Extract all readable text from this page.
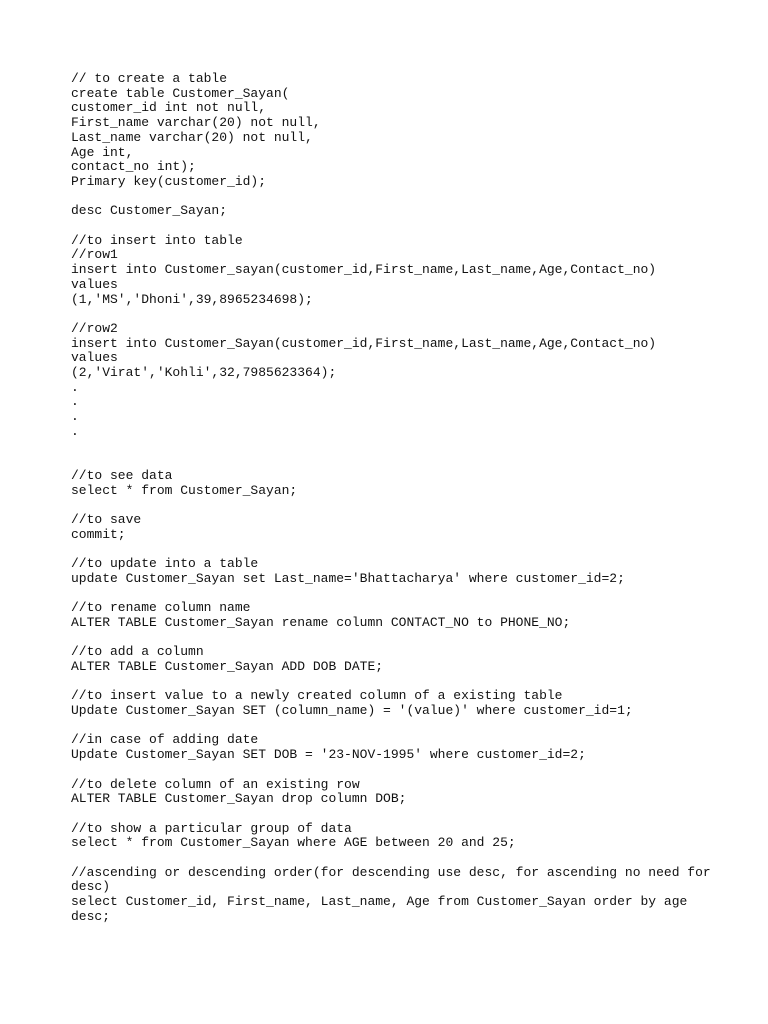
// to create a table
create table Customer_Sayan(
customer_id int not null,
First_name varchar(20) not null,
Last_name varchar(20) not null,
Age int,
contact_no int);
Primary key(customer_id);
desc Customer_Sayan;
//to insert into table
//row1
insert into Customer_sayan(customer_id,First_name,Last_name,Age,Contact_no)
values
(1,'MS','Dhoni',39,8965234698);
//row2
insert into Customer_Sayan(customer_id,First_name,Last_name,Age,Contact_no)
values
(2,'Virat','Kohli',32,7985623364);
.
.
.
.
//to see data
select * from Customer_Sayan;
//to save
commit;
//to update into a table
update Customer_Sayan set Last_name='Bhattacharya' where customer_id=2;
//to rename column name
ALTER TABLE Customer_Sayan rename column CONTACT_NO to PHONE_NO;
//to add a column
ALTER TABLE Customer_Sayan ADD DOB DATE;
//to insert value to a newly created column of a existing table
Update Customer_Sayan SET (column_name) = '(value)' where customer_id=1;
//in case of adding date
Update Customer_Sayan SET DOB = '23-NOV-1995' where customer_id=2;
//to delete column of an existing row
ALTER TABLE Customer_Sayan drop column DOB;
//to show a particular group of data
select * from Customer_Sayan where AGE between 20 and 25;
//ascending or descending order(for descending use desc, for ascending no need for
desc)
select Customer_id, First_name, Last_name, Age from Customer_Sayan order by age
desc;
